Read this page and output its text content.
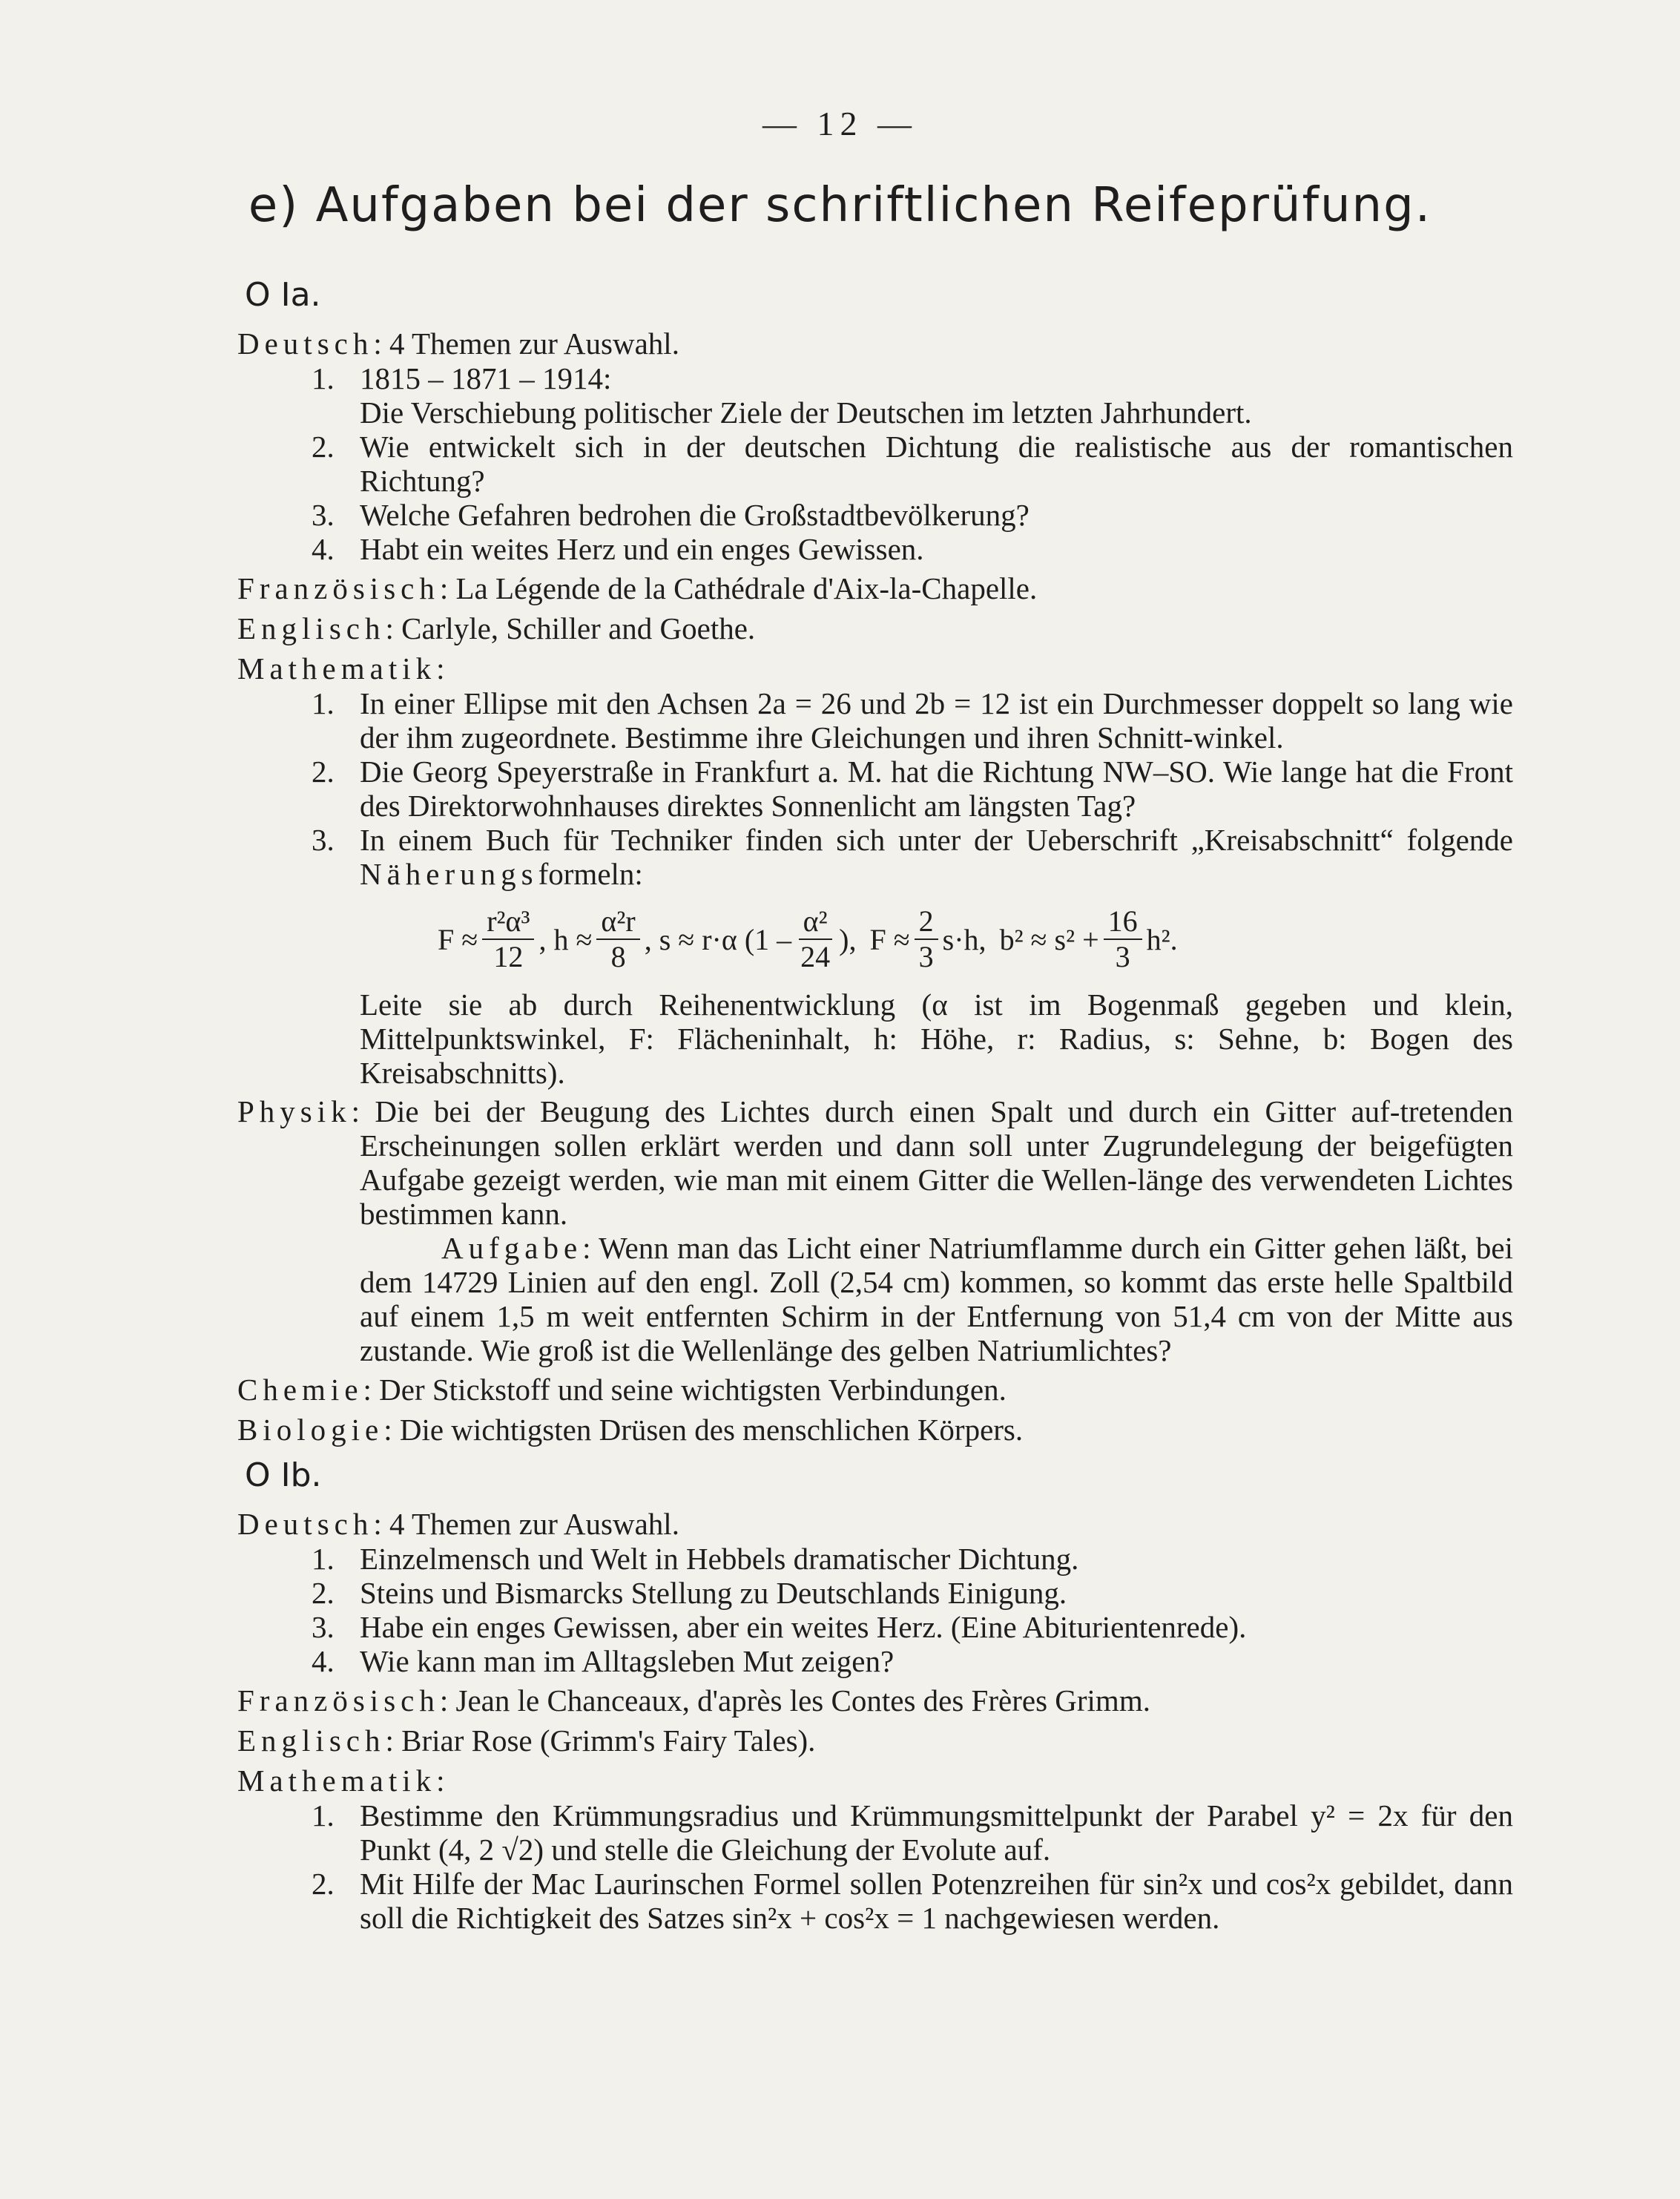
— 12 —
e) Aufgaben bei der schriftlichen Reifeprüfung.
O Ia.
Deutsch: 4 Themen zur Auswahl.
1. 1815 – 1871 – 1914:
Die Verschiebung politischer Ziele der Deutschen im letzten Jahrhundert.
2. Wie entwickelt sich in der deutschen Dichtung die realistische aus der romantischen Richtung?
3. Welche Gefahren bedrohen die Großstadtbevölkerung?
4. Habt ein weites Herz und ein enges Gewissen.
Französisch: La Légende de la Cathédrale d'Aix-la-Chapelle.
Englisch: Carlyle, Schiller and Goethe.
Mathematik:
1. In einer Ellipse mit den Achsen 2a = 26 und 2b = 12 ist ein Durchmesser doppelt so lang wie der ihm zugeordnete. Bestimme ihre Gleichungen und ihren Schnitt-winkel.
2. Die Georg Speyerstraße in Frankfurt a. M. hat die Richtung NW–SO. Wie lange hat die Front des Direktorwohnhauses direktes Sonnenlicht am längsten Tag?
3. In einem Buch für Techniker finden sich unter der Ueberschrift „Kreisabschnitt“ folgende Näherungsformeln:
$F \approx \frac{\text{r²α³}}{12}$ , $h \approx \frac{\text{α²r}}{8}$ , s ≈ r·α ($1 - \frac{\text{α²}}{24}$ ), $F \approx \frac{2}{3} s\cdot h$, $b^2 \approx s^2 + \frac{16}{3} h^2$.
Leite sie ab durch Reihenentwicklung (α ist im Bogenmaß gegeben und klein, Mittelpunktswinkel, F: Flächeninhalt, h: Höhe, r: Radius, s: Sehne, b: Bogen des Kreisabschnitts).
Physik: Die bei der Beugung des Lichtes durch einen Spalt und durch ein Gitter auf-tretenden Erscheinungen sollen erklärt werden und dann soll unter Zugrundelegung der beigefügten Aufgabe gezeigt werden, wie man mit einem Gitter die Wellen-länge des verwendeten Lichtes bestimmen kann.
Aufgabe: Wenn man das Licht einer Natriumflamme durch ein Gitter gehen läßt, bei dem 14729 Linien auf den engl. Zoll (2,54 cm) kommen, so kommt das erste helle Spaltbild auf einem 1,5 m weit entfernten Schirm in der Entfernung von 51,4 cm von der Mitte aus zustande. Wie groß ist die Wellenlänge des gelben Natriumlichtes?
Chemie: Der Stickstoff und seine wichtigsten Verbindungen.
Biologie: Die wichtigsten Drüsen des menschlichen Körpers.
O Ib.
Deutsch: 4 Themen zur Auswahl.
1. Einzelmensch und Welt in Hebbels dramatischer Dichtung.
2. Steins und Bismarcks Stellung zu Deutschlands Einigung.
3. Habe ein enges Gewissen, aber ein weites Herz. (Eine Abiturientenrede).
4. Wie kann man im Alltagsleben Mut zeigen?
Französisch: Jean le Chanceaux, d'après les Contes des Frères Grimm.
Englisch: Briar Rose (Grimm's Fairy Tales).
Mathematik:
1. Bestimme den Krümmungsradius und Krümmungsmittelpunkt der Parabel y² = 2x für den Punkt (4, 2 √2) und stelle die Gleichung der Evolute auf.
2. Mit Hilfe der Mac Laurinschen Formel sollen Potenzreihen für sin²x und cos²x gebildet, dann soll die Richtigkeit des Satzes sin²x + cos²x = 1 nachgewiesen werden.
